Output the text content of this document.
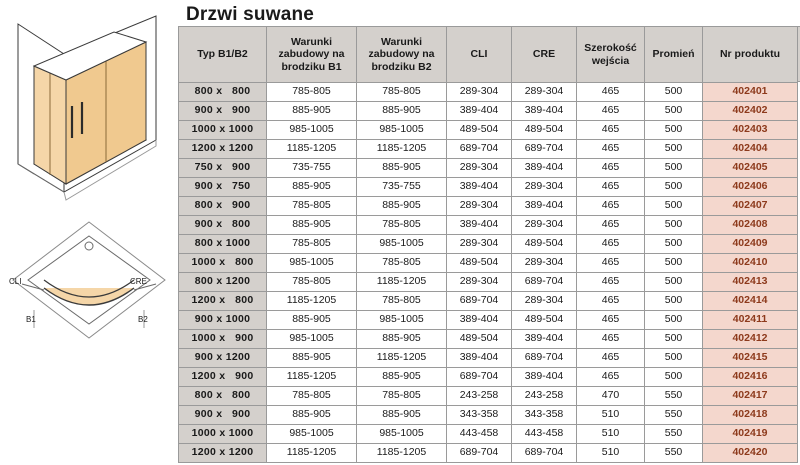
CLI	CRE
B1	B2
Drzwi suwane
Typ B1/B2	Warunki zabudowy na brodziku B1	Warunki zabudowy na brodziku B2	CLI	CRE	Szerokość wejścia	Promień	Nr produktu
800 x   800	785-805	785-805	289-304	289-304	465	500	402401
900 x   900	885-905	885-905	389-404	389-404	465	500	402402
1000 x 1000	985-1005	985-1005	489-504	489-504	465	500	402403
1200 x 1200	1185-1205	1185-1205	689-704	689-704	465	500	402404
750 x   900	735-755	885-905	289-304	389-404	465	500	402405
900 x   750	885-905	735-755	389-404	289-304	465	500	402406
800 x   900	785-805	885-905	289-304	389-404	465	500	402407
900 x   800	885-905	785-805	389-404	289-304	465	500	402408
800 x 1000	785-805	985-1005	289-304	489-504	465	500	402409
1000 x   800	985-1005	785-805	489-504	289-304	465	500	402410
800 x 1200	785-805	1185-1205	289-304	689-704	465	500	402413
1200 x   800	1185-1205	785-805	689-704	289-304	465	500	402414
900 x 1000	885-905	985-1005	389-404	489-504	465	500	402411
1000 x   900	985-1005	885-905	489-504	389-404	465	500	402412
900 x 1200	885-905	1185-1205	389-404	689-704	465	500	402415
1200 x   900	1185-1205	885-905	689-704	389-404	465	500	402416
800 x   800	785-805	785-805	243-258	243-258	470	550	402417
900 x   900	885-905	885-905	343-358	343-358	510	550	402418
1000 x 1000	985-1005	985-1005	443-458	443-458	510	550	402419
1200 x 1200	1185-1205	1185-1205	689-704	689-704	510	550	402420
